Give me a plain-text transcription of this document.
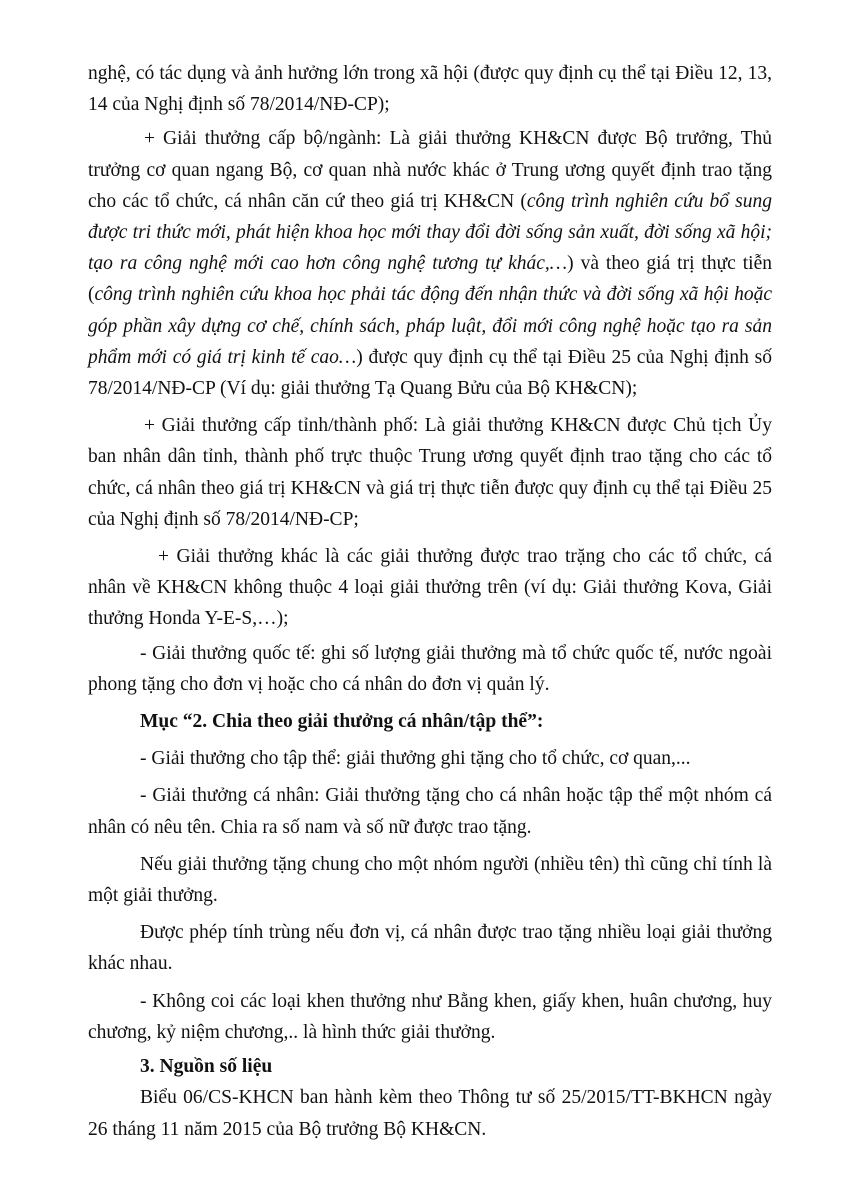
nghệ, có tác dụng và ảnh hưởng lớn trong xã hội (được quy định cụ thể tại Điều 12, 13, 14 của Nghị định số 78/2014/NĐ-CP);

+ Giải thưởng cấp bộ/ngành: Là giải thưởng KH&CN được Bộ trưởng, Thủ trưởng cơ quan ngang Bộ, cơ quan nhà nước khác ở Trung ương quyết định trao tặng cho các tổ chức, cá nhân căn cứ theo giá trị KH&CN (công trình nghiên cứu bổ sung được tri thức mới, phát hiện khoa học mới thay đổi đời sống sản xuất, đời sống xã hội; tạo ra công nghệ mới cao hơn công nghệ tương tự khác,…) và theo giá trị thực tiễn (công trình nghiên cứu khoa học phải tác động đến nhận thức và đời sống xã hội hoặc góp phần xây dựng cơ chế, chính sách, pháp luật, đổi mới công nghệ hoặc tạo ra sản phẩm mới có giá trị kinh tế cao…) được quy định cụ thể tại Điều 25 của Nghị định số 78/2014/NĐ-CP (Ví dụ: giải thưởng Tạ Quang Bửu của Bộ KH&CN);

+ Giải thưởng cấp tỉnh/thành phố: Là giải thưởng KH&CN được Chủ tịch Ủy ban nhân dân tỉnh, thành phố trực thuộc Trung ương quyết định trao tặng cho các tổ chức, cá nhân theo giá trị KH&CN và giá trị thực tiễn được quy định cụ thể tại Điều 25 của Nghị định số 78/2014/NĐ-CP;

+ Giải thưởng khác là các giải thưởng được trao trặng cho các tổ chức, cá nhân về KH&CN không thuộc 4 loại giải thưởng trên (ví dụ: Giải thưởng Kova, Giải thưởng Honda Y-E-S,…);

- Giải thưởng quốc tế: ghi số lượng giải thưởng mà tổ chức quốc tế, nước ngoài phong tặng cho đơn vị hoặc cho cá nhân do đơn vị quản lý.

Mục “2. Chia theo giải thưởng cá nhân/tập thể”:

- Giải thưởng cho tập thể: giải thưởng ghi tặng cho tổ chức, cơ quan,...

- Giải thưởng cá nhân: Giải thưởng tặng cho cá nhân hoặc tập thể một nhóm cá nhân có nêu tên. Chia ra số nam và số nữ được trao tặng.

Nếu giải thưởng tặng chung cho một nhóm người (nhiều tên) thì cũng chỉ tính là một giải thưởng.

Được phép tính trùng nếu đơn vị, cá nhân được trao tặng nhiều loại giải thưởng khác nhau.

- Không coi các loại khen thưởng như Bằng khen, giấy khen, huân chương, huy chương, kỷ niệm chương,.. là hình thức giải thưởng.

3. Nguồn số liệu

Biểu 06/CS-KHCN ban hành kèm theo Thông tư số 25/2015/TT-BKHCN ngày 26 tháng 11 năm 2015 của Bộ trưởng Bộ KH&CN.
